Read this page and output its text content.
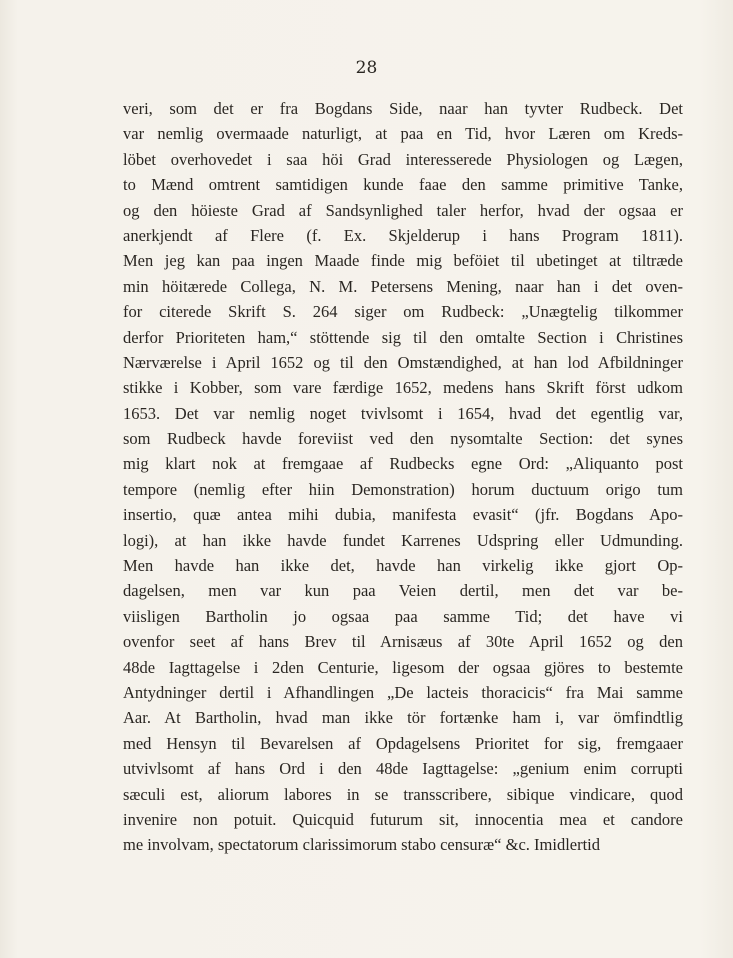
28
veri, som det er fra Bogdans Side, naar han tyvter Rudbeck. Det
var nemlig overmaade naturligt, at paa en Tid, hvor Læren om Kreds-
löbet overhovedet i saa höi Grad interesserede Physiologen og Lægen,
to Mænd omtrent samtidigen kunde faae den samme primitive Tanke,
og den höieste Grad af Sandsynlighed taler herfor, hvad der ogsaa er
anerkjendt af Flere (f. Ex. Skjelderup i hans Program 1811).
Men jeg kan paa ingen Maade finde mig beföiet til ubetinget at tiltræde
min höitærede Collega, N. M. Petersens Mening, naar han i det oven-
for citerede Skrift S. 264 siger om Rudbeck: „Unægtelig tilkommer
derfor Prioriteten ham,“ stöttende sig til den omtalte Section i Christines
Nærværelse i April 1652 og til den Omstændighed, at han lod Afbildninger
stikke i Kobber, som vare færdige 1652, medens hans Skrift först udkom
1653. Det var nemlig noget tvivlsomt i 1654, hvad det egentlig var,
som Rudbeck havde foreviist ved den nysomtalte Section: det synes
mig klart nok at fremgaae af Rudbecks egne Ord: „Aliquanto post
tempore (nemlig efter hiin Demonstration) horum ductuum origo tum
insertio, quæ antea mihi dubia, manifesta evasit“ (jfr. Bogdans Apo-
logi), at han ikke havde fundet Karrenes Udspring eller Udmunding.
Men havde han ikke det, havde han virkelig ikke gjort Op-
dagelsen, men var kun paa Veien dertil, men det var be-
viisligen Bartholin jo ogsaa paa samme Tid; det have vi
ovenfor seet af hans Brev til Arnisæus af 30te April 1652 og den
48de Iagttagelse i 2den Centurie, ligesom der ogsaa gjöres to bestemte
Antydninger dertil i Afhandlingen „De lacteis thoracicis“ fra Mai samme
Aar. At Bartholin, hvad man ikke tör fortænke ham i, var ömfindtlig
med Hensyn til Bevarelsen af Opdagelsens Prioritet for sig, fremgaaer
utvivlsomt af hans Ord i den 48de Iagttagelse: „genium enim corrupti
sæculi est, aliorum labores in se transscribere, sibique vindicare, quod
invenire non potuit. Quicquid futurum sit, innocentia mea et candore
me involvam, spectatorum clarissimorum stabo censuræ“ &c. Imidlertid
